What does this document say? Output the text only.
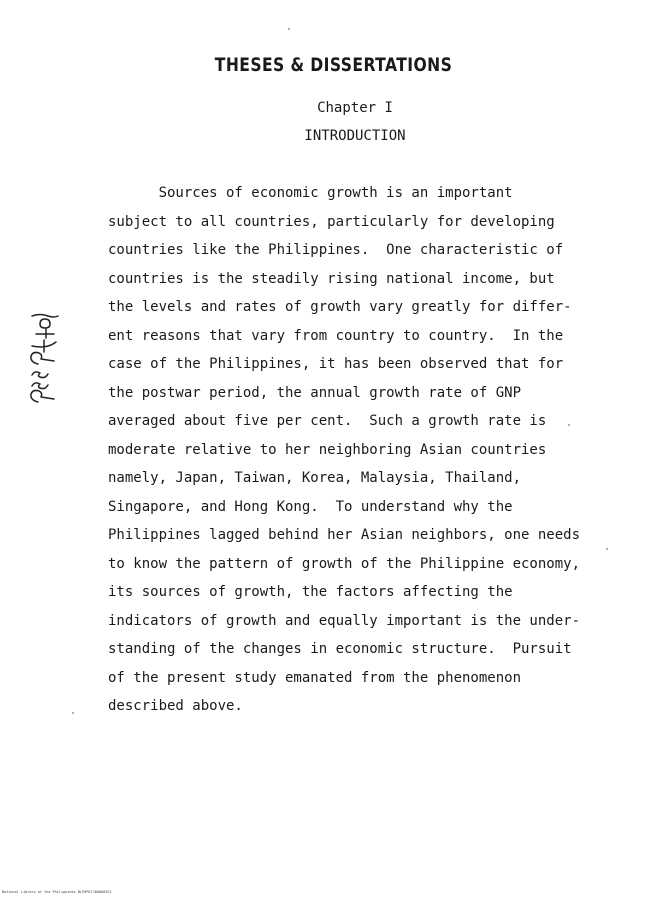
THESES & DISSERTATIONS
Chapter I
INTRODUCTION
Sources of economic growth is an important
subject to all countries, particularly for developing
countries like the Philippines.  One characteristic of
countries is the steadily rising national income, but
the levels and rates of growth vary greatly for differ-
ent reasons that vary from country to country.  In the
case of the Philippines, it has been observed that for
the postwar period, the annual growth rate of GNP
averaged about five per cent.  Such a growth rate is
moderate relative to her neighboring Asian countries
namely, Japan, Taiwan, Korea, Malaysia, Thailand,
Singapore, and Hong Kong.  To understand why the
Philippines lagged behind her Asian neighbors, one needs
to know the pattern of growth of the Philippine economy,
its sources of growth, the factors affecting the
indicators of growth and equally important is the under-
standing of the changes in economic structure.  Pursuit
of the present study emanated from the phenomenon
described above.
National Library of the Philippines NLP0PD7J0A0003G1
